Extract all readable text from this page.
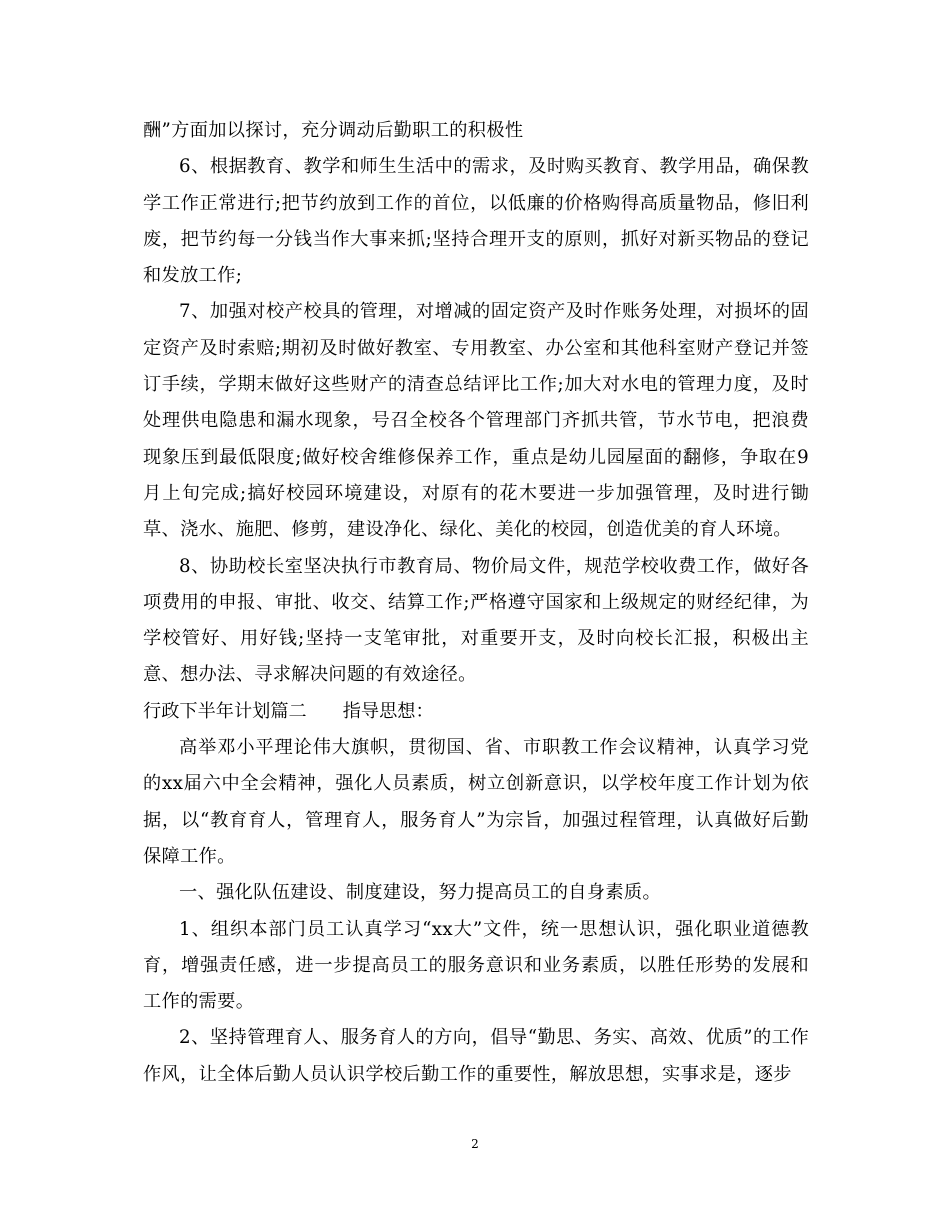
酬”方面加以探讨，充分调动后勤职工的积极性

6、根据教育、教学和师生生活中的需求，及时购买教育、教学用品，确保教学工作正常进行;把节约放到工作的首位，以低廉的价格购得高质量物品，修旧利废，把节约每一分钱当作大事来抓;坚持合理开支的原则，抓好对新买物品的登记和发放工作;

7、加强对校产校具的管理，对增减的固定资产及时作账务处理，对损坏的固定资产及时索赔;期初及时做好教室、专用教室、办公室和其他科室财产登记并签订手续，学期末做好这些财产的清查总结评比工作;加大对水电的管理力度，及时处理供电隐患和漏水现象，号召全校各个管理部门齐抓共管，节水节电，把浪费现象压到最低限度;做好校舍维修保养工作，重点是幼儿园屋面的翻修，争取在9月上旬完成;搞好校园环境建设，对原有的花木要进一步加强管理，及时进行锄草、浇水、施肥、修剪，建设净化、绿化、美化的校园，创造优美的育人环境。

8、协助校长室坚决执行市教育局、物价局文件，规范学校收费工作，做好各项费用的申报、审批、收交、结算工作;严格遵守国家和上级规定的财经纪律，为学校管好、用好钱;坚持一支笔审批，对重要开支，及时向校长汇报，积极出主意、想办法、寻求解决问题的有效途径。

行政下半年计划篇二 指导思想：

高举邓小平理论伟大旗帜，贯彻国、省、市职教工作会议精神，认真学习党的xx届六中全会精神，强化人员素质，树立创新意识，以学校年度工作计划为依据，以“教育育人，管理育人，服务育人”为宗旨，加强过程管理，认真做好后勤保障工作。

一、强化队伍建设、制度建设，努力提高员工的自身素质。

1、组织本部门员工认真学习“xx大”文件，统一思想认识，强化职业道德教育，增强责任感，进一步提高员工的服务意识和业务素质，以胜任形势的发展和工作的需要。

2、坚持管理育人、服务育人的方向，倡导“勤思、务实、高效、优质”的工作作风，让全体后勤人员认识学校后勤工作的重要性，解放思想，实事求是，逐步

2
